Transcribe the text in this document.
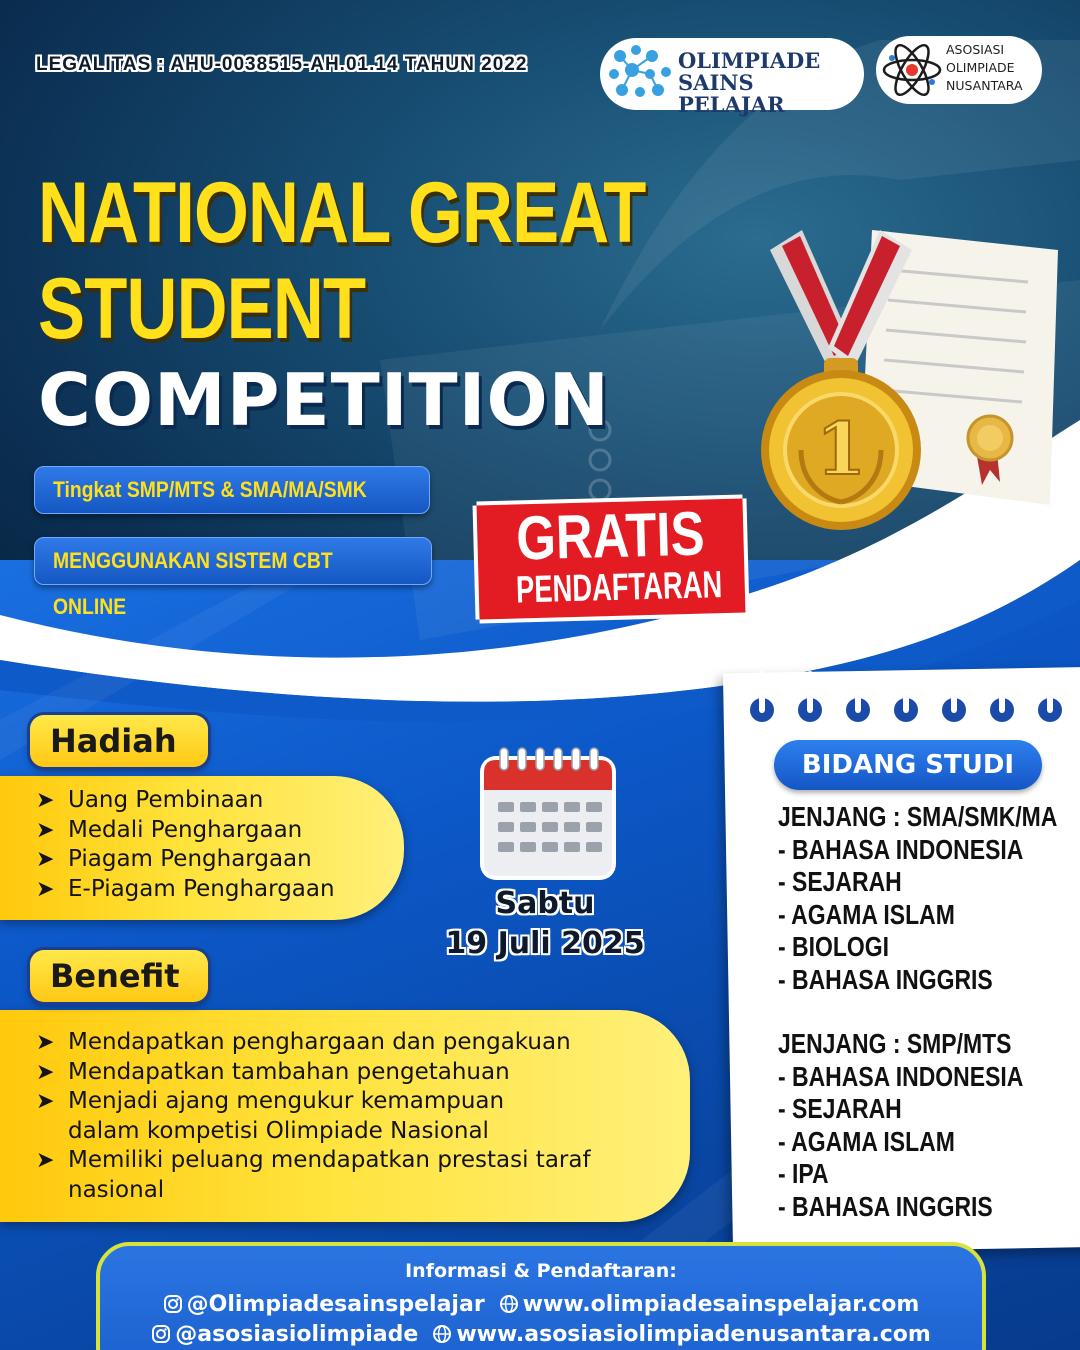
1
LEGALITAS : AHU-0038515-AH.01.14 TAHUN 2022	OLIMPIADE
SAINS PELAJAR
ASOSIASI
OLIMPIADE
NUSANTARA
NATIONAL GREAT
STUDENT
COMPETITION
Tingkat SMP/MTS & SMA/MA/SMK
MENGGUNAKAN SISTEM CBT ONLINE
GRATIS
PENDAFTARAN
Hadiah
➤ Uang Pembinaan
➤ Medali Penghargaan
➤ Piagam Penghargaan
➤ E-Piagam Penghargaan
Benefit
➤ Mendapatkan penghargaan dan pengakuan
➤ Mendapatkan tambahan pengetahuan
➤ Menjadi ajang mengukur kemampuan dalam kompetisi Olimpiade Nasional
➤ Memiliki peluang mendapatkan prestasi taraf nasional
Sabtu
19 Juli 2025
BIDANG STUDI
JENJANG : SMA/SMK/MA
- BAHASA INDONESIA
- SEJARAH
- AGAMA ISLAM
- BIOLOGI
- BAHASA INGGRIS
JENJANG : SMP/MTS
- BAHASA INDONESIA
- SEJARAH
- AGAMA ISLAM
- IPA
- BAHASA INGGRIS
Informasi & Pendaftaran:
@Olimpiadesainspelajar www.olimpiadesainspelajar.com
@asosiasiolimpiade www.asosiasiolimpiadenusantara.com
